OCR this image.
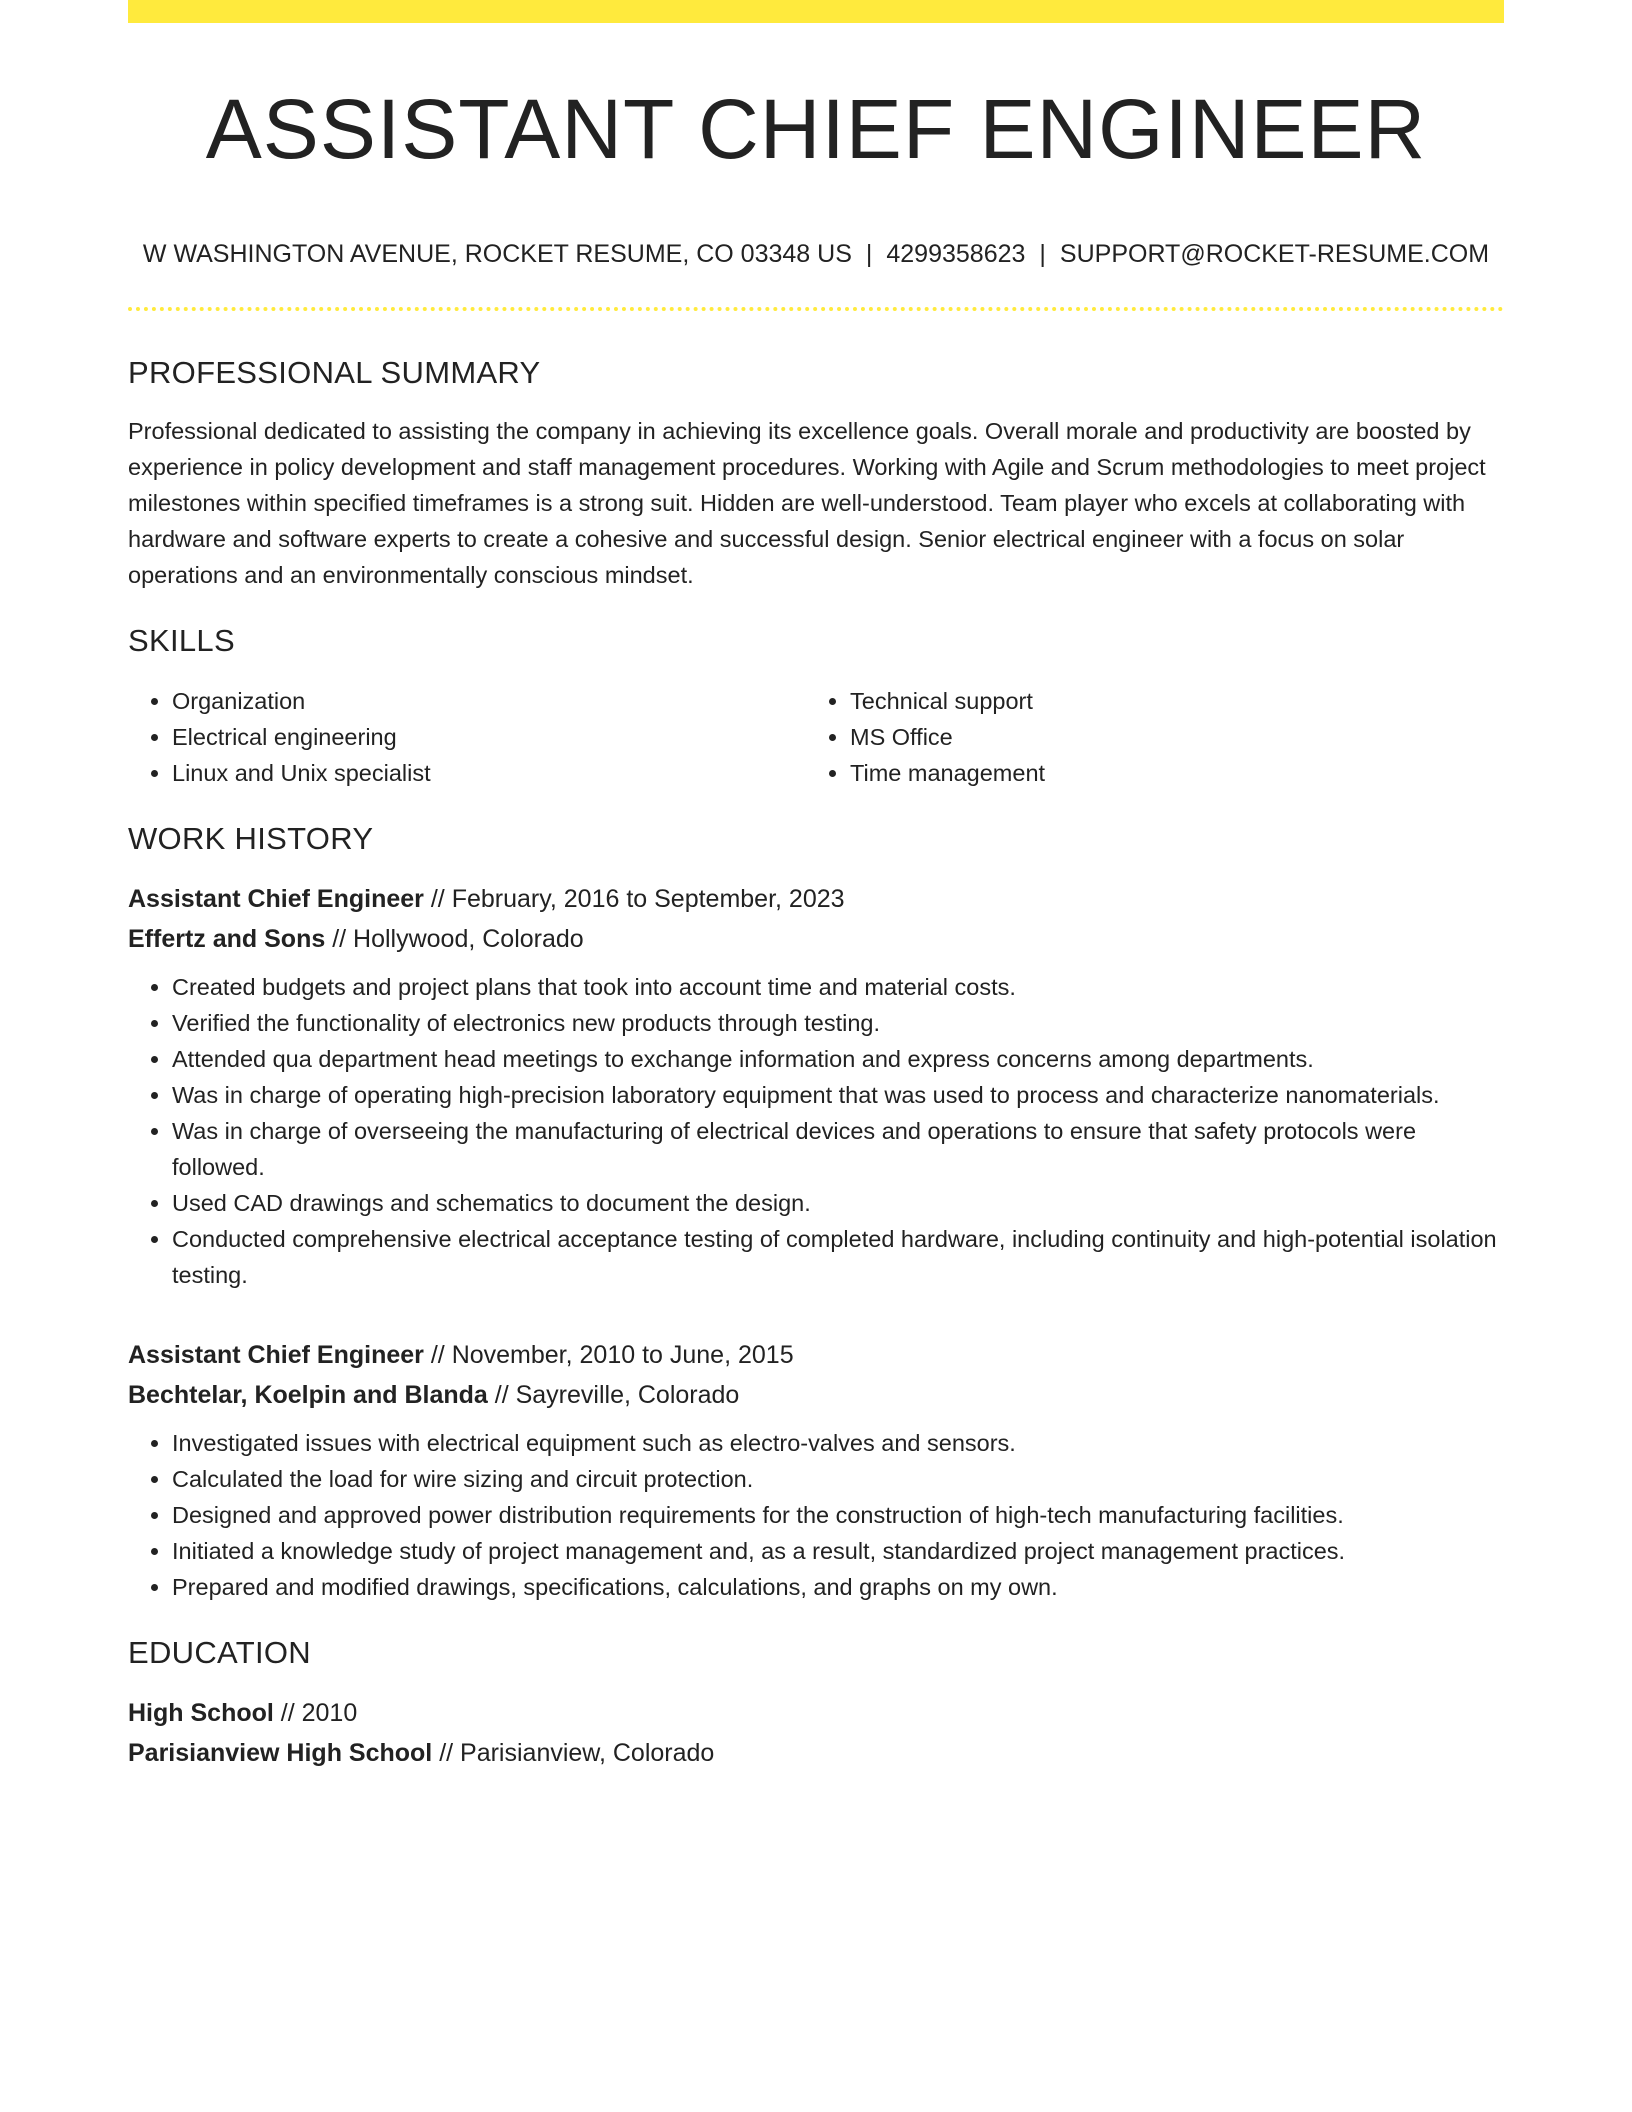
ASSISTANT CHIEF ENGINEER
W WASHINGTON AVENUE, ROCKET RESUME, CO 03348 US | 4299358623 | SUPPORT@ROCKET-RESUME.COM
PROFESSIONAL SUMMARY
Professional dedicated to assisting the company in achieving its excellence goals. Overall morale and productivity are boosted by experience in policy development and staff management procedures. Working with Agile and Scrum methodologies to meet project milestones within specified timeframes is a strong suit. Hidden are well-understood. Team player who excels at collaborating with hardware and software experts to create a cohesive and successful design. Senior electrical engineer with a focus on solar operations and an environmentally conscious mindset.
SKILLS
• Organization
• Electrical engineering
• Linux and Unix specialist
• Technical support
• MS Office
• Time management
WORK HISTORY
Assistant Chief Engineer // February, 2016 to September, 2023
Effertz and Sons // Hollywood, Colorado
• Created budgets and project plans that took into account time and material costs.
• Verified the functionality of electronics new products through testing.
• Attended qua department head meetings to exchange information and express concerns among departments.
• Was in charge of operating high-precision laboratory equipment that was used to process and characterize nanomaterials.
• Was in charge of overseeing the manufacturing of electrical devices and operations to ensure that safety protocols were followed.
• Used CAD drawings and schematics to document the design.
• Conducted comprehensive electrical acceptance testing of completed hardware, including continuity and high-potential isolation testing.
Assistant Chief Engineer // November, 2010 to June, 2015
Bechtelar, Koelpin and Blanda // Sayreville, Colorado
• Investigated issues with electrical equipment such as electro-valves and sensors.
• Calculated the load for wire sizing and circuit protection.
• Designed and approved power distribution requirements for the construction of high-tech manufacturing facilities.
• Initiated a knowledge study of project management and, as a result, standardized project management practices.
• Prepared and modified drawings, specifications, calculations, and graphs on my own.
EDUCATION
High School // 2010
Parisianview High School // Parisianview, Colorado
